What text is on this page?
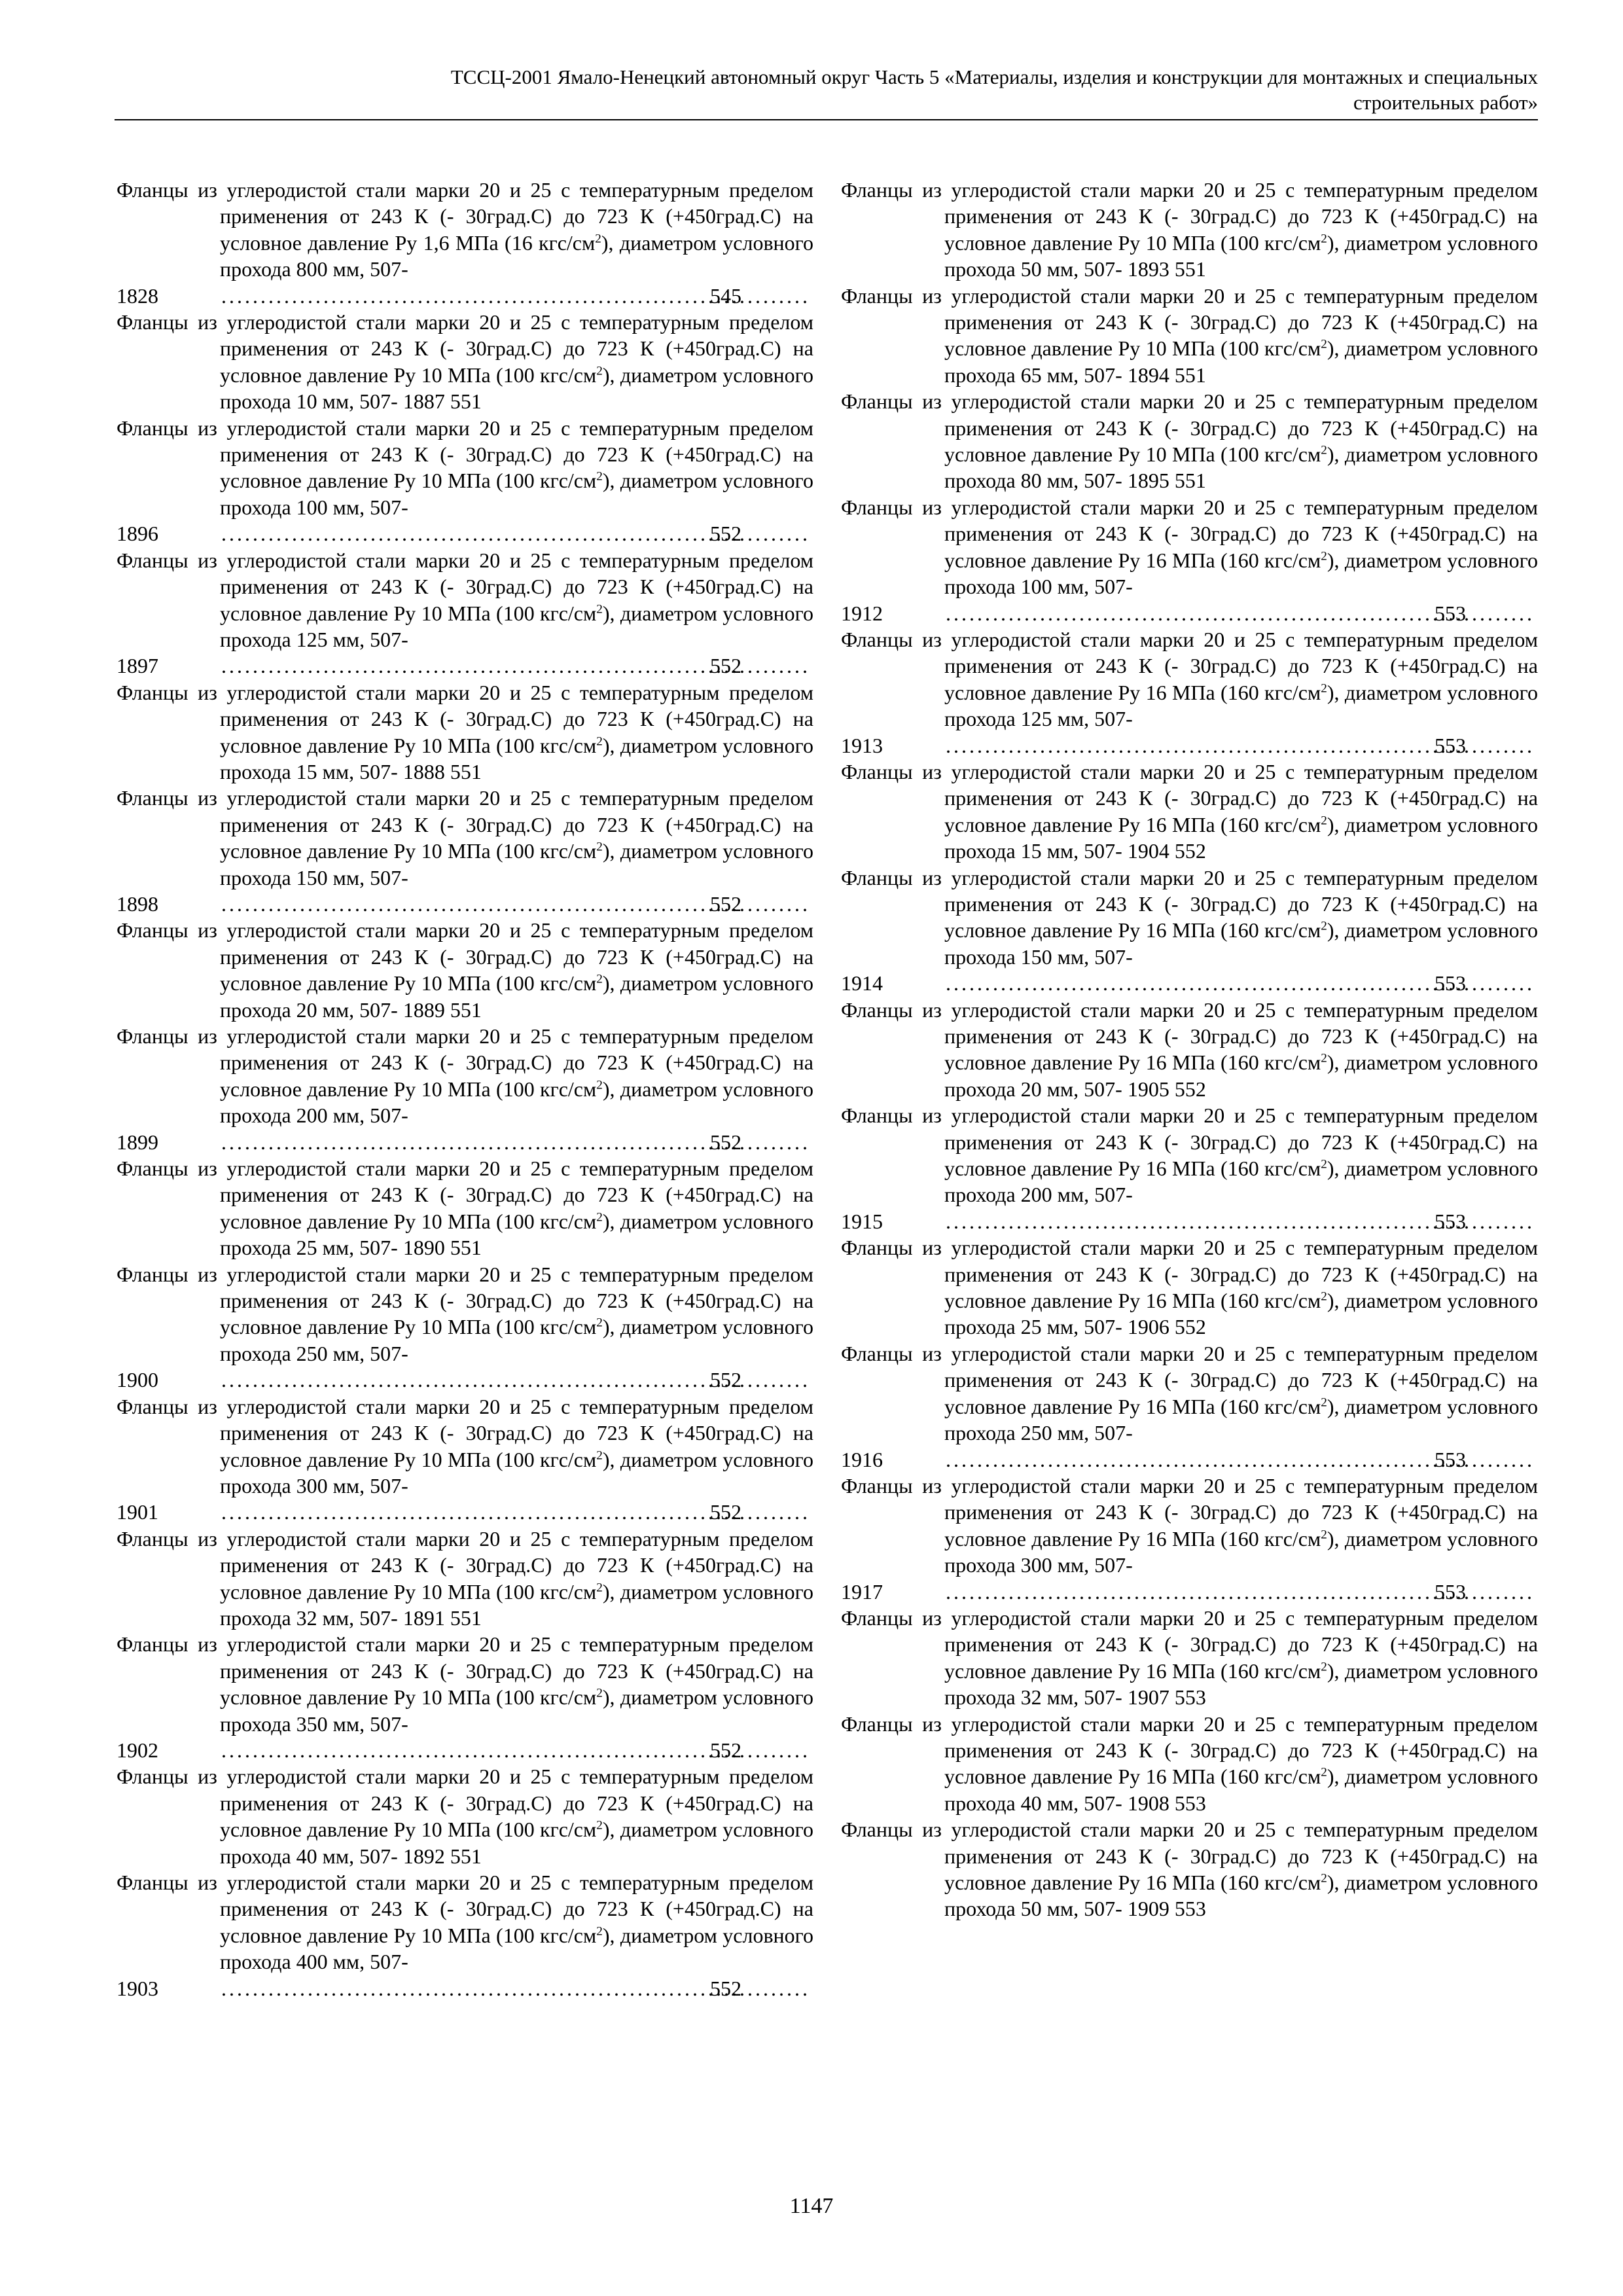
ТССЦ-2001 Ямало-Ненецкий автономный округ Часть 5 «Материалы, изделия и конструкции для монтажных и специальных
строительных работ»
Фланцы из углеродистой стали марки 20 и 25 с температурным пределом применения от 243 К (- 30град.С) до 723 К (+450град.С) на условное давление Ру 1,6 МПа (16 кгс/$см^2$), диаметром условного прохода 800 мм, 507-
1828 .....	545
Фланцы из углеродистой стали марки 20 и 25 с температурным пределом применения от 243 К (- 30град.С) до 723 К (+450град.С) на условное давление Ру 10 МПа (100 кгс/$см^2$), диаметром условного прохода 10 мм, 507- 1887 551
Фланцы из углеродистой стали марки 20 и 25 с температурным пределом применения от 243 К (- 30град.С) до 723 К (+450град.С) на условное давление Ру 10 МПа (100 кгс/$см^2$), диаметром условного прохода 100 мм, 507-
1896 .....	552
Фланцы из углеродистой стали марки 20 и 25 с температурным пределом применения от 243 К (- 30град.С) до 723 К (+450град.С) на условное давление Ру 10 МПа (100 кгс/$см^2$), диаметром условного прохода 125 мм, 507-
1897 .....	552
Фланцы из углеродистой стали марки 20 и 25 с температурным пределом применения от 243 К (- 30град.С) до 723 К (+450град.С) на условное давление Ру 10 МПа (100 кгс/$см^2$), диаметром условного прохода 15 мм, 507- 1888 551
Фланцы из углеродистой стали марки 20 и 25 с температурным пределом применения от 243 К (- 30град.С) до 723 К (+450град.С) на условное давление Ру 10 МПа (100 кгс/$см^2$), диаметром условного прохода 150 мм, 507-
1898 .....	552
Фланцы из углеродистой стали марки 20 и 25 с температурным пределом применения от 243 К (- 30град.С) до 723 К (+450град.С) на условное давление Ру 10 МПа (100 кгс/$см^2$), диаметром условного прохода 20 мм, 507- 1889 551
Фланцы из углеродистой стали марки 20 и 25 с температурным пределом применения от 243 К (- 30град.С) до 723 К (+450град.С) на условное давление Ру 10 МПа (100 кгс/$см^2$), диаметром условного прохода 200 мм, 507-
1899 .....	552
Фланцы из углеродистой стали марки 20 и 25 с температурным пределом применения от 243 К (- 30град.С) до 723 К (+450град.С) на условное давление Ру 10 МПа (100 кгс/$см^2$), диаметром условного прохода 25 мм, 507- 1890 551
Фланцы из углеродистой стали марки 20 и 25 с температурным пределом применения от 243 К (- 30град.С) до 723 К (+450град.С) на условное давление Ру 10 МПа (100 кгс/$см^2$), диаметром условного прохода 250 мм, 507-
1900 .....	552
Фланцы из углеродистой стали марки 20 и 25 с температурным пределом применения от 243 К (- 30град.С) до 723 К (+450град.С) на условное давление Ру 10 МПа (100 кгс/$см^2$), диаметром условного прохода 300 мм, 507-
1901 .....	552
Фланцы из углеродистой стали марки 20 и 25 с температурным пределом применения от 243 К (- 30град.С) до 723 К (+450град.С) на условное давление Ру 10 МПа (100 кгс/$см^2$), диаметром условного прохода 32 мм, 507- 1891 551
Фланцы из углеродистой стали марки 20 и 25 с температурным пределом применения от 243 К (- 30град.С) до 723 К (+450град.С) на условное давление Ру 10 МПа (100 кгс/$см^2$), диаметром условного прохода 350 мм, 507-
1902 .....	552
Фланцы из углеродистой стали марки 20 и 25 с температурным пределом применения от 243 К (- 30град.С) до 723 К (+450град.С) на условное давление Ру 10 МПа (100 кгс/$см^2$), диаметром условного прохода 40 мм, 507- 1892 551
Фланцы из углеродистой стали марки 20 и 25 с температурным пределом применения от 243 К (- 30град.С) до 723 К (+450град.С) на условное давление Ру 10 МПа (100 кгс/$см^2$), диаметром условного прохода 400 мм, 507-
1903 .....	552
Фланцы из углеродистой стали марки 20 и 25 с температурным пределом применения от 243 К (- 30град.С) до 723 К (+450град.С) на условное давление Ру 10 МПа (100 кгс/$см^2$), диаметром условного прохода 50 мм, 507- 1893 551
Фланцы из углеродистой стали марки 20 и 25 с температурным пределом применения от 243 К (- 30град.С) до 723 К (+450град.С) на условное давление Ру 10 МПа (100 кгс/$см^2$), диаметром условного прохода 65 мм, 507- 1894 551
Фланцы из углеродистой стали марки 20 и 25 с температурным пределом применения от 243 К (- 30град.С) до 723 К (+450град.С) на условное давление Ру 10 МПа (100 кгс/$см^2$), диаметром условного прохода 80 мм, 507- 1895 551
Фланцы из углеродистой стали марки 20 и 25 с температурным пределом применения от 243 К (- 30град.С) до 723 К (+450град.С) на условное давление Ру 16 МПа (160 кгс/$см^2$), диаметром условного прохода 100 мм, 507-
1912 .....	553
Фланцы из углеродистой стали марки 20 и 25 с температурным пределом применения от 243 К (- 30град.С) до 723 К (+450град.С) на условное давление Ру 16 МПа (160 кгс/$см^2$), диаметром условного прохода 125 мм, 507-
1913 .....	553
Фланцы из углеродистой стали марки 20 и 25 с температурным пределом применения от 243 К (- 30град.С) до 723 К (+450град.С) на условное давление Ру 16 МПа (160 кгс/$см^2$), диаметром условного прохода 15 мм, 507- 1904 552
Фланцы из углеродистой стали марки 20 и 25 с температурным пределом применения от 243 К (- 30град.С) до 723 К (+450град.С) на условное давление Ру 16 МПа (160 кгс/$см^2$), диаметром условного прохода 150 мм, 507-
1914 .....	553
Фланцы из углеродистой стали марки 20 и 25 с температурным пределом применения от 243 К (- 30град.С) до 723 К (+450град.С) на условное давление Ру 16 МПа (160 кгс/$см^2$), диаметром условного прохода 20 мм, 507- 1905 552
Фланцы из углеродистой стали марки 20 и 25 с температурным пределом применения от 243 К (- 30град.С) до 723 К (+450град.С) на условное давление Ру 16 МПа (160 кгс/$см^2$), диаметром условного прохода 200 мм, 507-
1915 .....	553
Фланцы из углеродистой стали марки 20 и 25 с температурным пределом применения от 243 К (- 30град.С) до 723 К (+450град.С) на условное давление Ру 16 МПа (160 кгс/$см^2$), диаметром условного прохода 25 мм, 507- 1906 552
Фланцы из углеродистой стали марки 20 и 25 с температурным пределом применения от 243 К (- 30град.С) до 723 К (+450град.С) на условное давление Ру 16 МПа (160 кгс/$см^2$), диаметром условного прохода 250 мм, 507-
1916 .....	553
Фланцы из углеродистой стали марки 20 и 25 с температурным пределом применения от 243 К (- 30град.С) до 723 К (+450град.С) на условное давление Ру 16 МПа (160 кгс/$см^2$), диаметром условного прохода 300 мм, 507-
1917 .....	553
Фланцы из углеродистой стали марки 20 и 25 с температурным пределом применения от 243 К (- 30град.С) до 723 К (+450град.С) на условное давление Ру 16 МПа (160 кгс/$см^2$), диаметром условного прохода 32 мм, 507- 1907 553
Фланцы из углеродистой стали марки 20 и 25 с температурным пределом применения от 243 К (- 30град.С) до 723 К (+450град.С) на условное давление Ру 16 МПа (160 кгс/$см^2$), диаметром условного прохода 40 мм, 507- 1908 553
Фланцы из углеродистой стали марки 20 и 25 с температурным пределом применения от 243 К (- 30град.С) до 723 К (+450град.С) на условное давление Ру 16 МПа (160 кгс/$см^2$), диаметром условного прохода 50 мм, 507- 1909 553
1147
